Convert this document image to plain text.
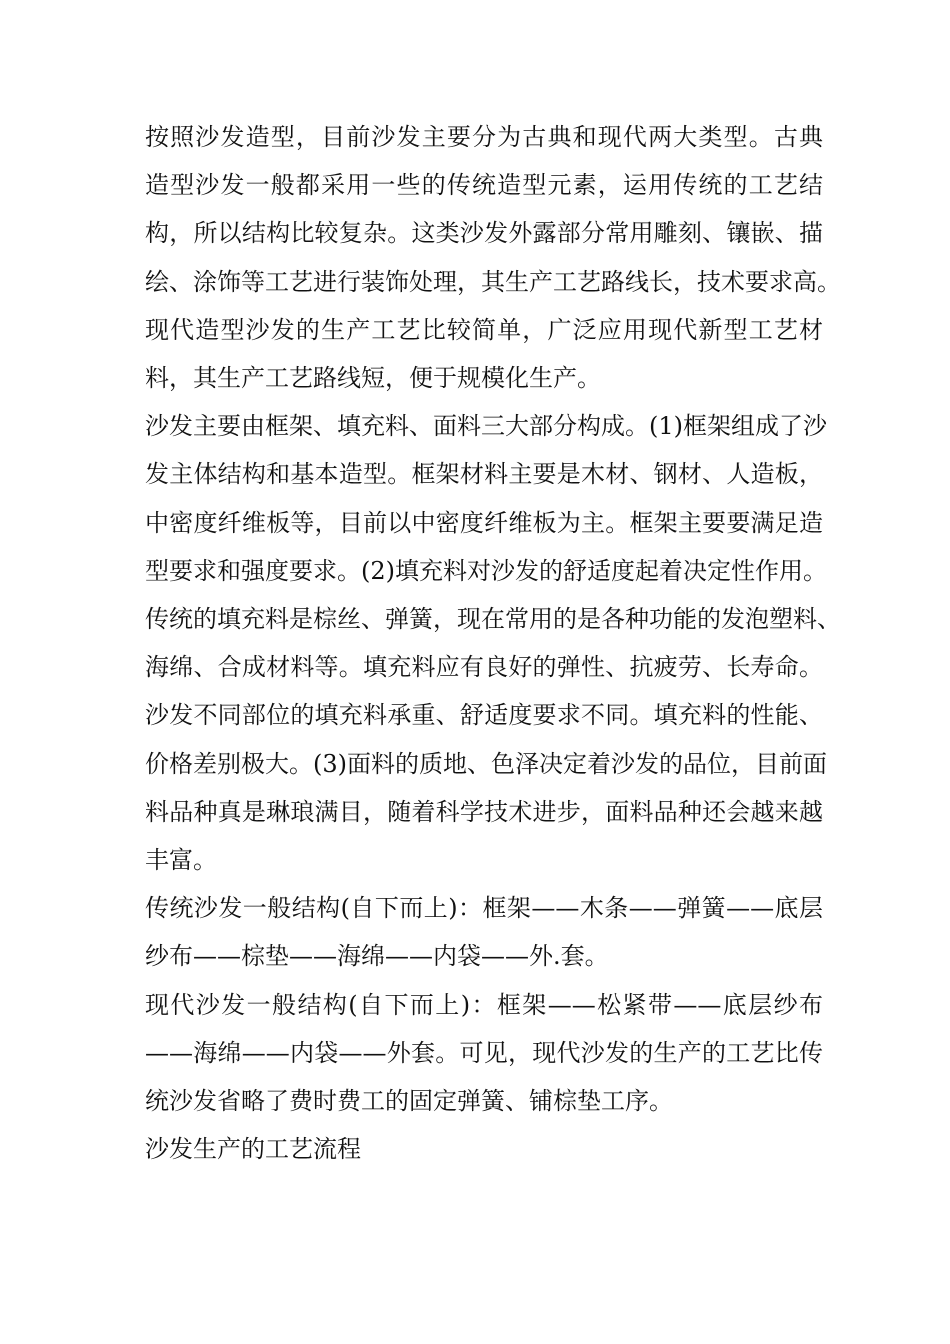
按照沙发造型，目前沙发主要分为古典和现代两大类型。古典
造型沙发一般都采用一些的传统造型元素，运用传统的工艺结
构，所以结构比较复杂。这类沙发外露部分常用雕刻、镶嵌、描
绘、涂饰等工艺进行装饰处理，其生产工艺路线长，技术要求高。
现代造型沙发的生产工艺比较简单，广泛应用现代新型工艺材
料，其生产工艺路线短，便于规模化生产。

沙发主要由框架、填充料、面料三大部分构成。(1)框架组成了沙
发主体结构和基本造型。框架材料主要是木材、钢材、人造板，
中密度纤维板等，目前以中密度纤维板为主。框架主要要满足造
型要求和强度要求。(2)填充料对沙发的舒适度起着决定性作用。
传统的填充料是棕丝、弹簧，现在常用的是各种功能的发泡塑料、
海绵、合成材料等。填充料应有良好的弹性、抗疲劳、长寿命。
沙发不同部位的填充料承重、舒适度要求不同。填充料的性能、
价格差别极大。(3)面料的质地、色泽决定着沙发的品位，目前面
料品种真是琳琅满目，随着科学技术进步，面料品种还会越来越
丰富。

传统沙发一般结构(自下而上)：框架——木条——弹簧——底层
纱布——棕垫——海绵——内袋——外.套。

现代沙发一般结构(自下而上)：框架——松紧带——底层纱布
——海绵——内袋——外套。可见，现代沙发的生产的工艺比传
统沙发省略了费时费工的固定弹簧、铺棕垫工序。

沙发生产的工艺流程
